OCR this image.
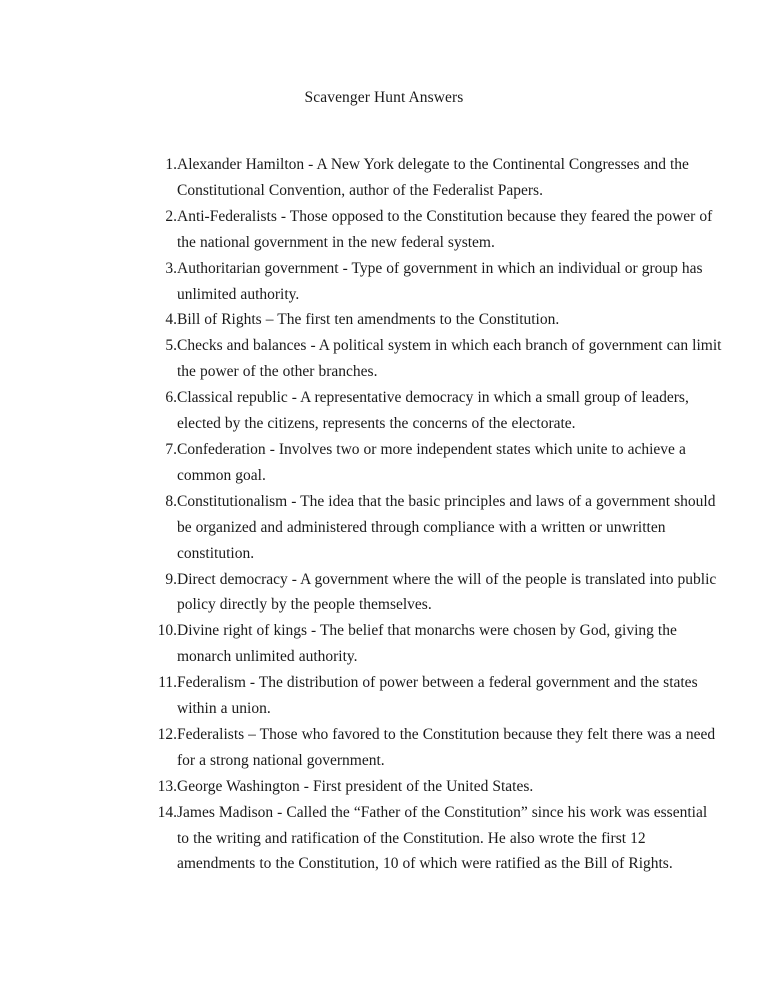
Scavenger Hunt Answers
1. Alexander Hamilton - A New York delegate to the Continental Congresses and the Constitutional Convention, author of the Federalist Papers.
2. Anti-Federalists - Those opposed to the Constitution because they feared the power of the national government in the new federal system.
3. Authoritarian government - Type of government in which an individual or group has unlimited authority.
4. Bill of Rights – The first ten amendments to the Constitution.
5. Checks and balances - A political system in which each branch of government can limit the power of the other branches.
6. Classical republic - A representative democracy in which a small group of leaders, elected by the citizens, represents the concerns of the electorate.
7. Confederation - Involves two or more independent states which unite to achieve a common goal.
8. Constitutionalism - The idea that the basic principles and laws of a government should be organized and administered through compliance with a written or unwritten constitution.
9. Direct democracy - A government where the will of the people is translated into public policy directly by the people themselves.
10. Divine right of kings - The belief that monarchs were chosen by God, giving the monarch unlimited authority.
11. Federalism - The distribution of power between a federal government and the states within a union.
12. Federalists – Those who favored to the Constitution because they felt there was a need for a strong national government.
13. George Washington - First president of the United States.
14. James Madison - Called the “Father of the Constitution” since his work was essential to the writing and ratification of the Constitution. He also wrote the first 12 amendments to the Constitution, 10 of which were ratified as the Bill of Rights.
